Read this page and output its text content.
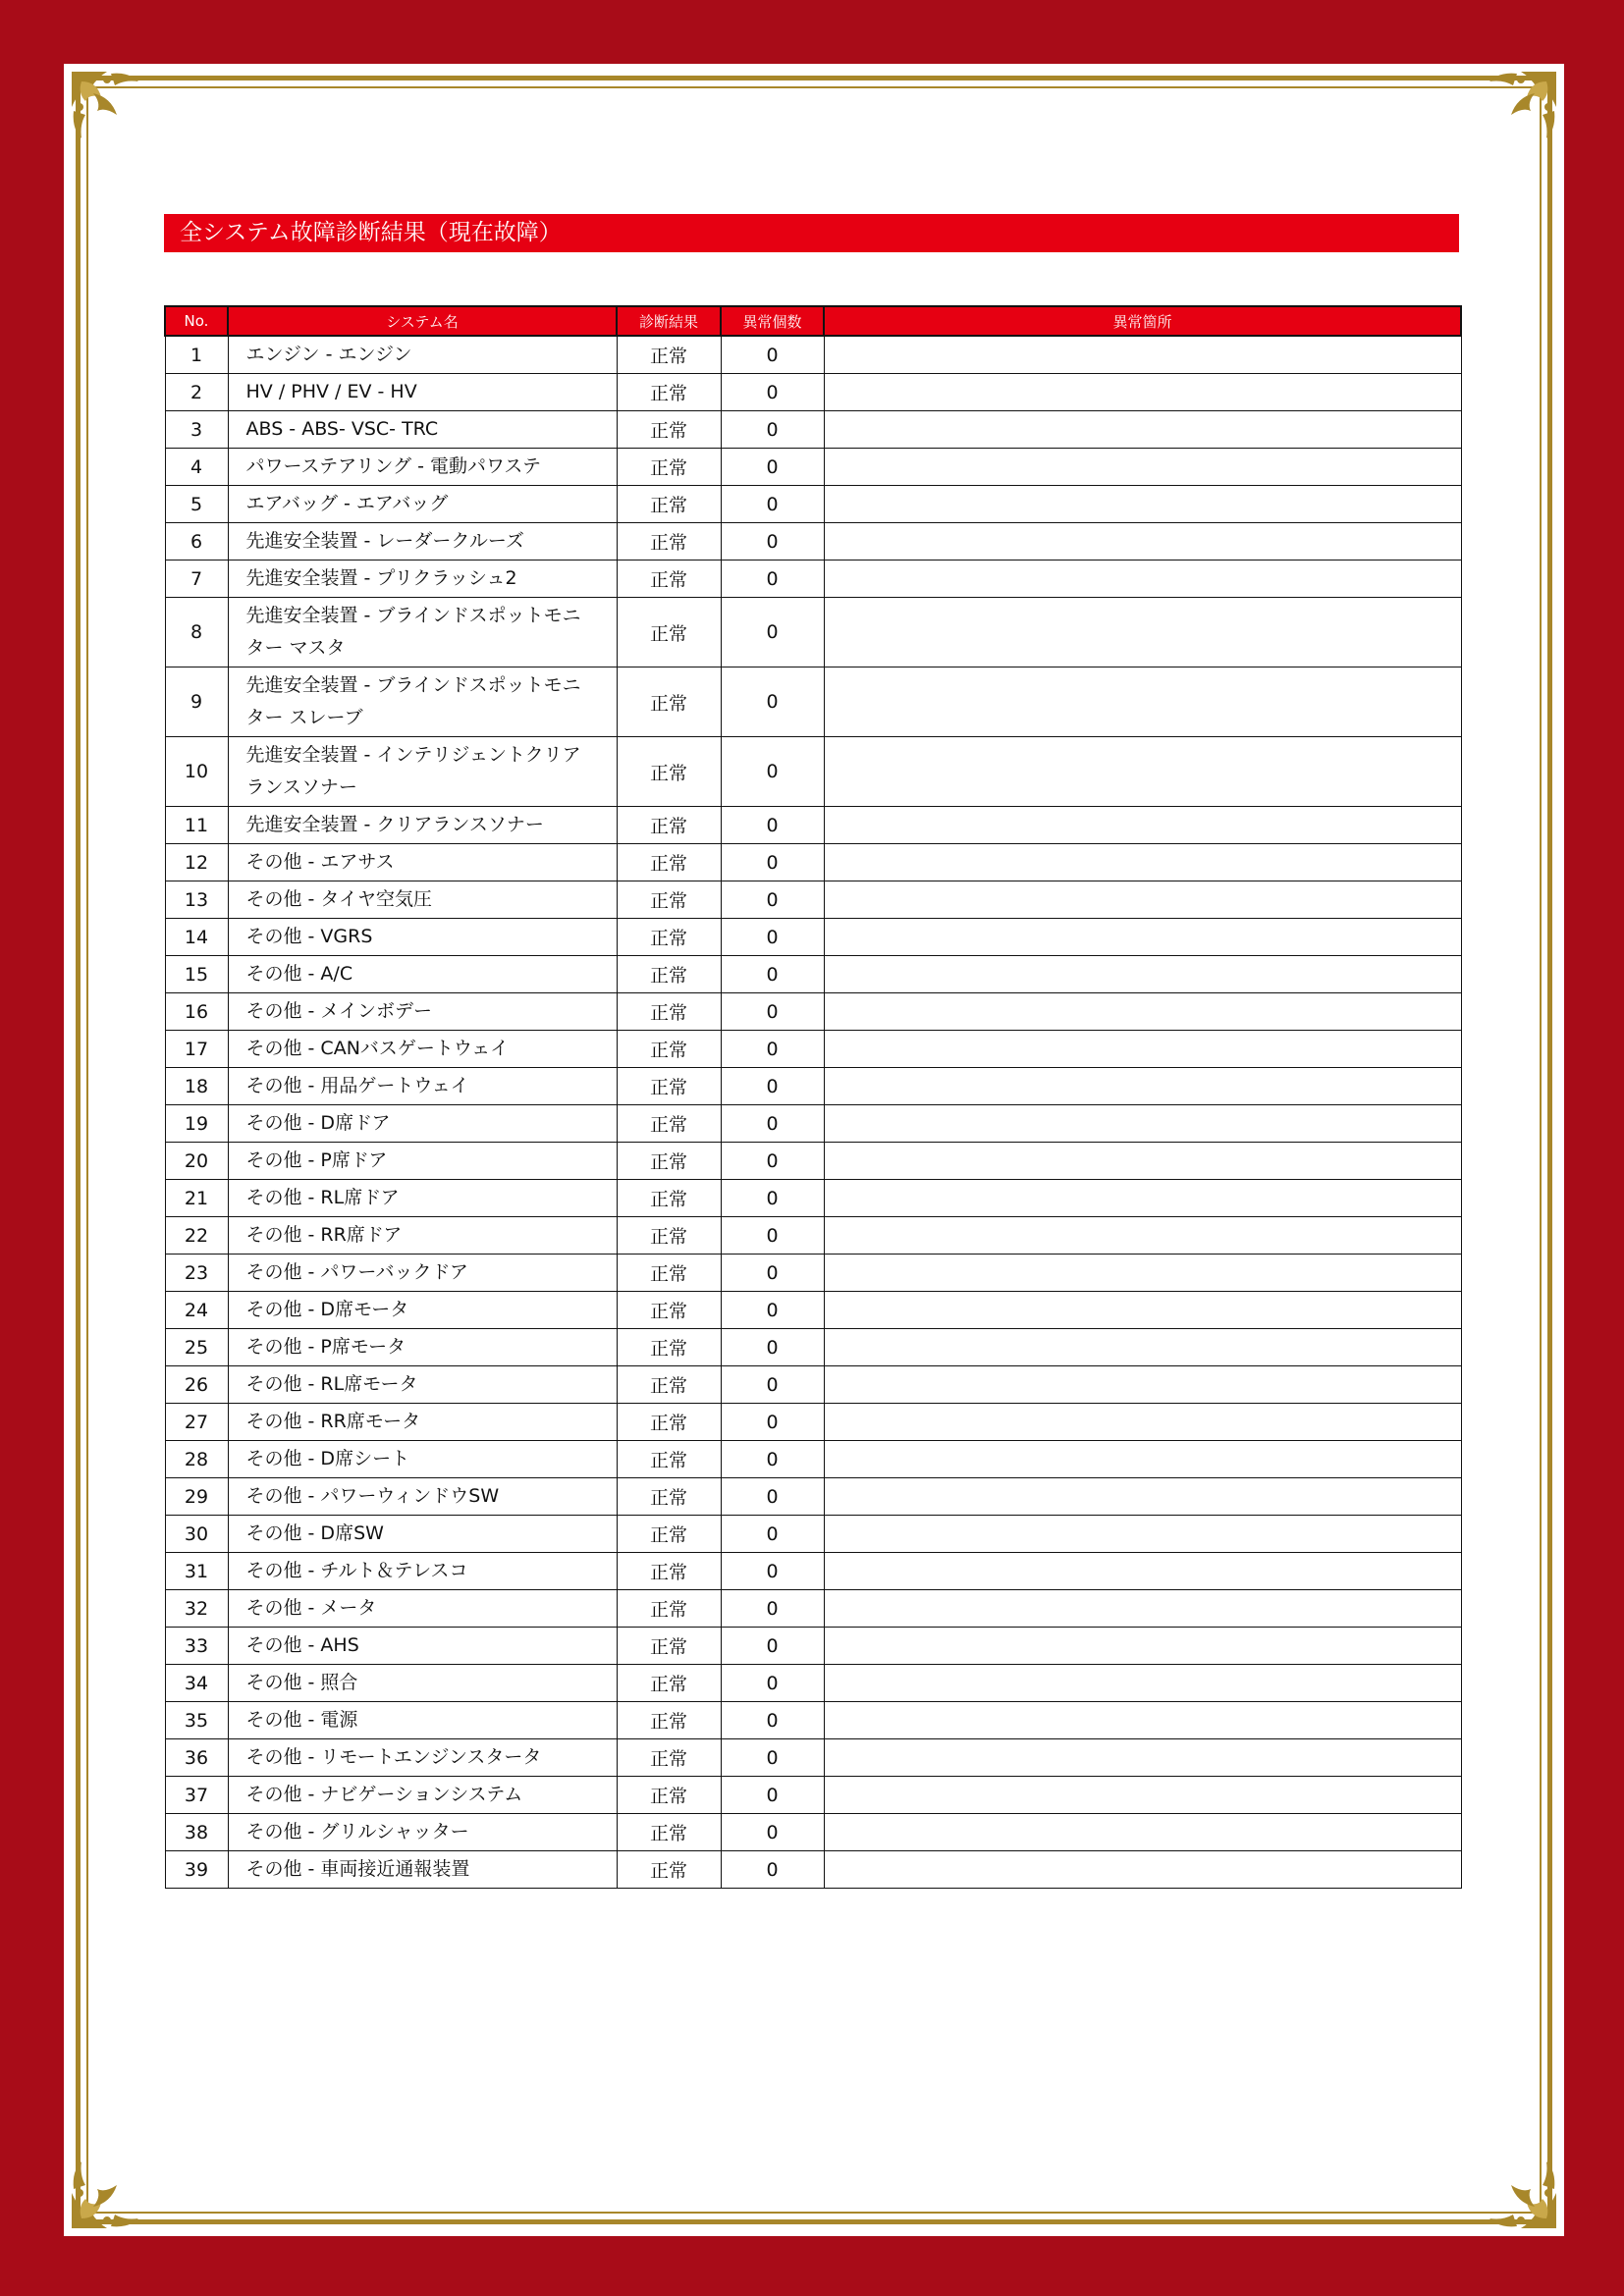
全システム故障診断結果（現在故障）
No.	システム名	診断結果	異常個数	異常箇所
1	エンジン - エンジン	正常	0	
2	HV / PHV / EV - HV	正常	0	
3	ABS - ABS- VSC- TRC	正常	0	
4	パワーステアリング - 電動パワステ	正常	0	
5	エアバッグ - エアバッグ	正常	0	
6	先進安全装置 - レーダークルーズ	正常	0	
7	先進安全装置 - プリクラッシュ2	正常	0	
8	先進安全装置 - ブラインドスポットモニター マスタ	正常	0	
9	先進安全装置 - ブラインドスポットモニター スレーブ	正常	0	
10	先進安全装置 - インテリジェントクリアランスソナー	正常	0	
11	先進安全装置 - クリアランスソナー	正常	0	
12	その他 - エアサス	正常	0	
13	その他 - タイヤ空気圧	正常	0	
14	その他 - VGRS	正常	0	
15	その他 - A/C	正常	0	
16	その他 - メインボデー	正常	0	
17	その他 - CANバスゲートウェイ	正常	0	
18	その他 - 用品ゲートウェイ	正常	0	
19	その他 - D席ドア	正常	0	
20	その他 - P席ドア	正常	0	
21	その他 - RL席ドア	正常	0	
22	その他 - RR席ドア	正常	0	
23	その他 - パワーバックドア	正常	0	
24	その他 - D席モータ	正常	0	
25	その他 - P席モータ	正常	0	
26	その他 - RL席モータ	正常	0	
27	その他 - RR席モータ	正常	0	
28	その他 - D席シート	正常	0	
29	その他 - パワーウィンドウSW	正常	0	
30	その他 - D席SW	正常	0	
31	その他 - チルト＆テレスコ	正常	0	
32	その他 - メータ	正常	0	
33	その他 - AHS	正常	0	
34	その他 - 照合	正常	0	
35	その他 - 電源	正常	0	
36	その他 - リモートエンジンスタータ	正常	0	
37	その他 - ナビゲーションシステム	正常	0	
38	その他 - グリルシャッター	正常	0	
39	その他 - 車両接近通報装置	正常	0	
